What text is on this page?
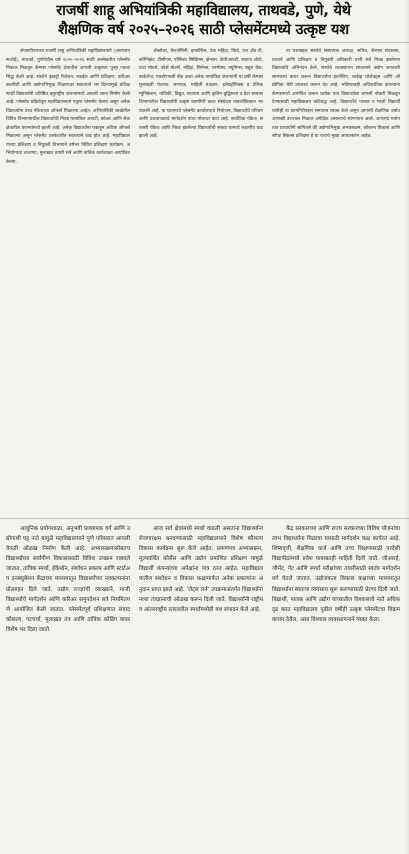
राजर्षी शाहू अभियांत्रिकी महाविद्यालय, ताथवडे, पुणे, येथे
शैक्षणिक वर्ष २०२५–२०२६ साठी प्लेसमेंटमध्ये उत्कृष्ट यश

जेएसपीएमच्या राजर्षी शाहू अभियांत्रिकी महाविद्यालयाने (आरएसएसओई), ताथवडे, पुणेयेथील वर्ष २०२५–२०२६ साठी उल्लेखनीय प्लेसमेंट निकाल मिळवून कॅम्पस प्लेसमेंट क्षेत्रातील आपली उत्कृष्टता पुन्हा एकदा सिद्ध केली आहे. संस्थेने इंडस्ट्री रिलेशन, स्थाईल आणि प्रशिक्षण, करिअर क्लारिटी आणि उद्योगाभिमुख शिक्षणावर सातत्याने भर दिल्यामुळे प्रशिक्षणार्थी विद्यार्थ्यांनी प्रतिष्ठित बहुराष्ट्रीय कंपन्यांमध्ये आपली जागा निर्माण केली आहे. प्लेसमेंट प्रक्रियेतून महाविद्यालयाने एकूण प्लेसमेंट केल्या असून अनेक विद्यार्थ्यांना उच्च पॅकेजच्या ऑफर्स मिळाल्या आहेत. अभियांत्रिकी शाखेतील विविध विभागांमधील विद्यार्थ्यांची निवड नामांकित आयटी, कोअर आणि सेवा क्षेत्रातील कंपन्यांमध्ये झाली आहे. अनेक विद्यार्थ्यांना एकाहून अधिक ऑफर्स मिळाल्या असून प्लेसमेंट टक्केवारीत सातत्याने वाढ होत आहे. महाविद्यालयाच्या प्रशिक्षण व नियुक्ती विभागाने वर्षभर विविध प्रशिक्षण कार्यक्रम, अभियोग्यता चाचण्या, मुलाखत तयारी सत्रे आणि तांत्रिक कार्यशाळा आयोजित केल्या.

अ‍ॅक्सेंचर, कॅपजेमिनी, इन्फोसिस, टेक महिंद्रा, विप्रो, एल अँड टी, कॉग्निझंट, टीसीएस, पर्सिस्टंट सिस्टिम्स, झेन्सार, केपीआयटी, बजाज ऑटो, टाटा मोटर्स, फोर्स मोटर्स, महिंद्रा, सिमेन्स, थरमॅक्स, क्युमिन्स, ड्युश बँक, बार्कलेज, एचडीएफसी बँक अशा अनेक नामांकित कंपन्यांनी या वर्षी कॅम्पस मुलाखती घेतल्या. संगणक, माहिती तंत्रज्ञान, इलेक्ट्रॉनिक्स व टेलिकम्युनिकेशन, यांत्रिकी, विद्युत, स्थापत्य आणि कृत्रिम बुद्धिमत्ता व डेटा सायन्स विभागांतील विद्यार्थ्यांनी उत्कृष्ट कामगिरी करत संस्थेच्या नावलौकिकात भर घातली आहे. या यशामध्ये प्लेसमेंट कार्यालयाचे नियोजन, विद्यार्थ्यांचे परिश्रम आणि प्राध्यापकांचे मार्गदर्शन यांचा मोलाचा वाटा आहे. सर्वाधिक पॅकेज, सरासरी पॅकेज आणि निवड झालेल्या विद्यार्थ्यांची संख्या यामध्ये लक्षणीय वाढ झाली आहे.

या यशाबद्दल संस्थेचे संस्थापक अध्यक्ष, सचिव, कॅम्पस संचालक, प्राचार्य आणि प्रशिक्षण व नियुक्ती अधिकारी यांनी सर्व निवड झालेल्या विद्यार्थ्यांचे अभिनंदन केले. संस्थेचे व्यवस्थापन सातत्याने उद्योग जगताशी सामंजस्य करार करून विद्यार्थ्यांना इंटर्नशिप, लाईव्ह प्रोजेक्ट्स आणि औद्योगिक भेटी उपलब्ध करून देत आहे. भविष्यातही अधिकाधिक कंपन्यांना कॅम्पसमध्ये आमंत्रित करून प्रत्येक पात्र विद्यार्थ्याला चांगली नोकरी मिळवून देण्यासाठी महाविद्यालय कटिबद्ध आहे. विद्यार्थ्यांचे पालक व माजी विद्यार्थी यांनीही या कामगिरीबद्दल समाधान व्यक्त केले असून आगामी शैक्षणिक वर्षात आणखी उज्ज्वल निकाल अपेक्षित असल्याचे सांगण्यात आले. आपल्या मनोगतात प्राचार्यांनी सांगितले की उद्योगाभिमुख अभ्यासक्रम, कौशल्य विकास आणि सॉफ्ट स्किल्स प्रशिक्षण हे या यशाचे मुख्य आधारस्तंभ आहेत.

आधुनिक प्रयोगशाळा, अनुभवी प्राध्यापक वर्ग आणि उद्योगाशी घट्ट नाते यामुळे महाविद्यालयाने पुणे परिसरात आपली वेगळी ओळख निर्माण केली आहे. अभ्यासक्रमासोबतच विद्यार्थ्यांच्या सर्वांगीण विकासासाठी विविध उपक्रम राबवले जातात. तांत्रिक स्पर्धा, हॅकेथॉन, संशोधन प्रकल्प आणि स्टार्टअप इनक्युबेशन केंद्राच्या माध्यमातून विद्यार्थ्यांच्या नवकल्पनांना प्रोत्साहन दिले जाते. उद्योग तज्ज्ञांची व्याख्याने, माजी विद्यार्थ्यांचे मार्गदर्शन आणि करिअर समुपदेशन सत्रे नियमितपणे आयोजित केली जातात. प्लेसमेंटपूर्व प्रशिक्षणात संवाद कौशल्य, गटचर्चा, मुलाखत तंत्र आणि तांत्रिक कोडिंग यावर विशेष भर दिला जातो.

आज सर्व क्षेत्रांमध्ये स्पर्धा वाढली असताना विद्यार्थ्यांना रोजगारक्षम बनवण्यासाठी महाविद्यालयाने विशेष कौशल्य विकास कार्यक्रम सुरू केले आहेत. प्रमाणपत्र अभ्यासक्रम, मूल्यवर्धित कोर्सेस आणि उद्योग प्रमाणित प्रशिक्षण यामुळे विद्यार्थी कंपन्यांच्या अपेक्षांना पात्र ठरत आहेत. महाविद्यालयातील संशोधन व विकास कक्षामार्फत अनेक प्रकल्पांना अनुदान प्राप्त झाले आहे. ‘लेट्स लर्न’ उपक्रमाअंतर्गत विद्यार्थ्यांना नव्या तंत्रज्ञानाची ओळख करून दिली जाते. विद्यार्थ्यांनी राष्ट्रीय व आंतरराष्ट्रीय स्तरावरील स्पर्धांमध्येही यश संपादन केले आहे.

केंद्र सरकारच्या आणि राज्य सरकारच्या विविध योजनांचा लाभ विद्यार्थ्यांना मिळावा यासाठी मार्गदर्शन कक्ष कार्यरत आहे. शिष्यवृत्ती, शैक्षणिक कर्ज आणि उच्च शिक्षणासाठी परदेशी विद्यापीठांमध्ये प्रवेश याबाबतही माहिती दिली जाते. जीआरई, जीमॅट, गेट आणि स्पर्धा परीक्षांच्या तयारीसाठी स्वतंत्र मार्गदर्शन वर्ग घेतले जातात. उद्योजकता विकास कक्षाच्या माध्यमातून विद्यार्थ्यांना स्वतःचा व्यवसाय सुरू करण्यासाठी प्रेरणा दिली जाते. विद्यार्थी, पालक आणि उद्योग यांच्यातील विश्वासाचे नाते अधिक दृढ करत महाविद्यालय पुढील वर्षीही उत्कृष्ट प्लेसमेंटचा विक्रम कायम ठेवेल, असा विश्वास व्यवस्थापनाने व्यक्त केला.
